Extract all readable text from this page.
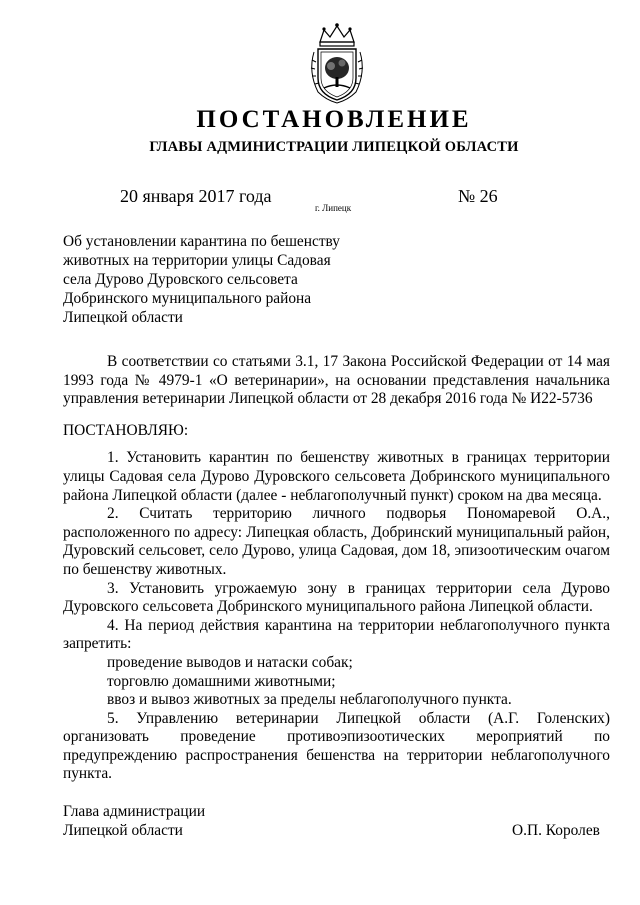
ПОСТАНОВЛЕНИЕ
ГЛАВЫ АДМИНИСТРАЦИИ ЛИПЕЦКОЙ ОБЛАСТИ
20 января 2017 года
г. Липецк
№ 26
Об установлении карантина по бешенству
животных на территории улицы Садовая
села Дурово Дуровского сельсовета
Добринского муниципального района
Липецкой области

В соответствии со статьями 3.1, 17 Закона Российской Федерации от 14 мая 1993 года № 4979-1 «О ветеринарии», на основании представления начальника управления ветеринарии Липецкой области от 28 декабря 2016 года № И22-5736

ПОСТАНОВЛЯЮ:

1. Установить карантин по бешенству животных в границах территории улицы Садовая села Дурово Дуровского сельсовета Добринского муниципального района Липецкой области (далее - неблагополучный пункт) сроком на два месяца.

2. Считать территорию личного подворья Пономаревой О.А., расположенного по адресу: Липецкая область, Добринский муниципальный район, Дуровский сельсовет, село Дурово, улица Садовая, дом 18, эпизоотическим очагом по бешенству животных.

3. Установить угрожаемую зону в границах территории села Дурово Дуровского сельсовета Добринского муниципального района Липецкой области.

4. На период действия карантина на территории неблагополучного пункта запретить:

проведение выводов и натаски собак;

торговлю домашними животными;

ввоз и вывоз животных за пределы неблагополучного пункта.

5. Управлению ветеринарии Липецкой области (А.Г. Голенских) организовать проведение противоэпизоотических мероприятий по предупреждению распространения бешенства на территории неблагополучного пункта.

Глава администрации
Липецкой области	О.П. Королев
